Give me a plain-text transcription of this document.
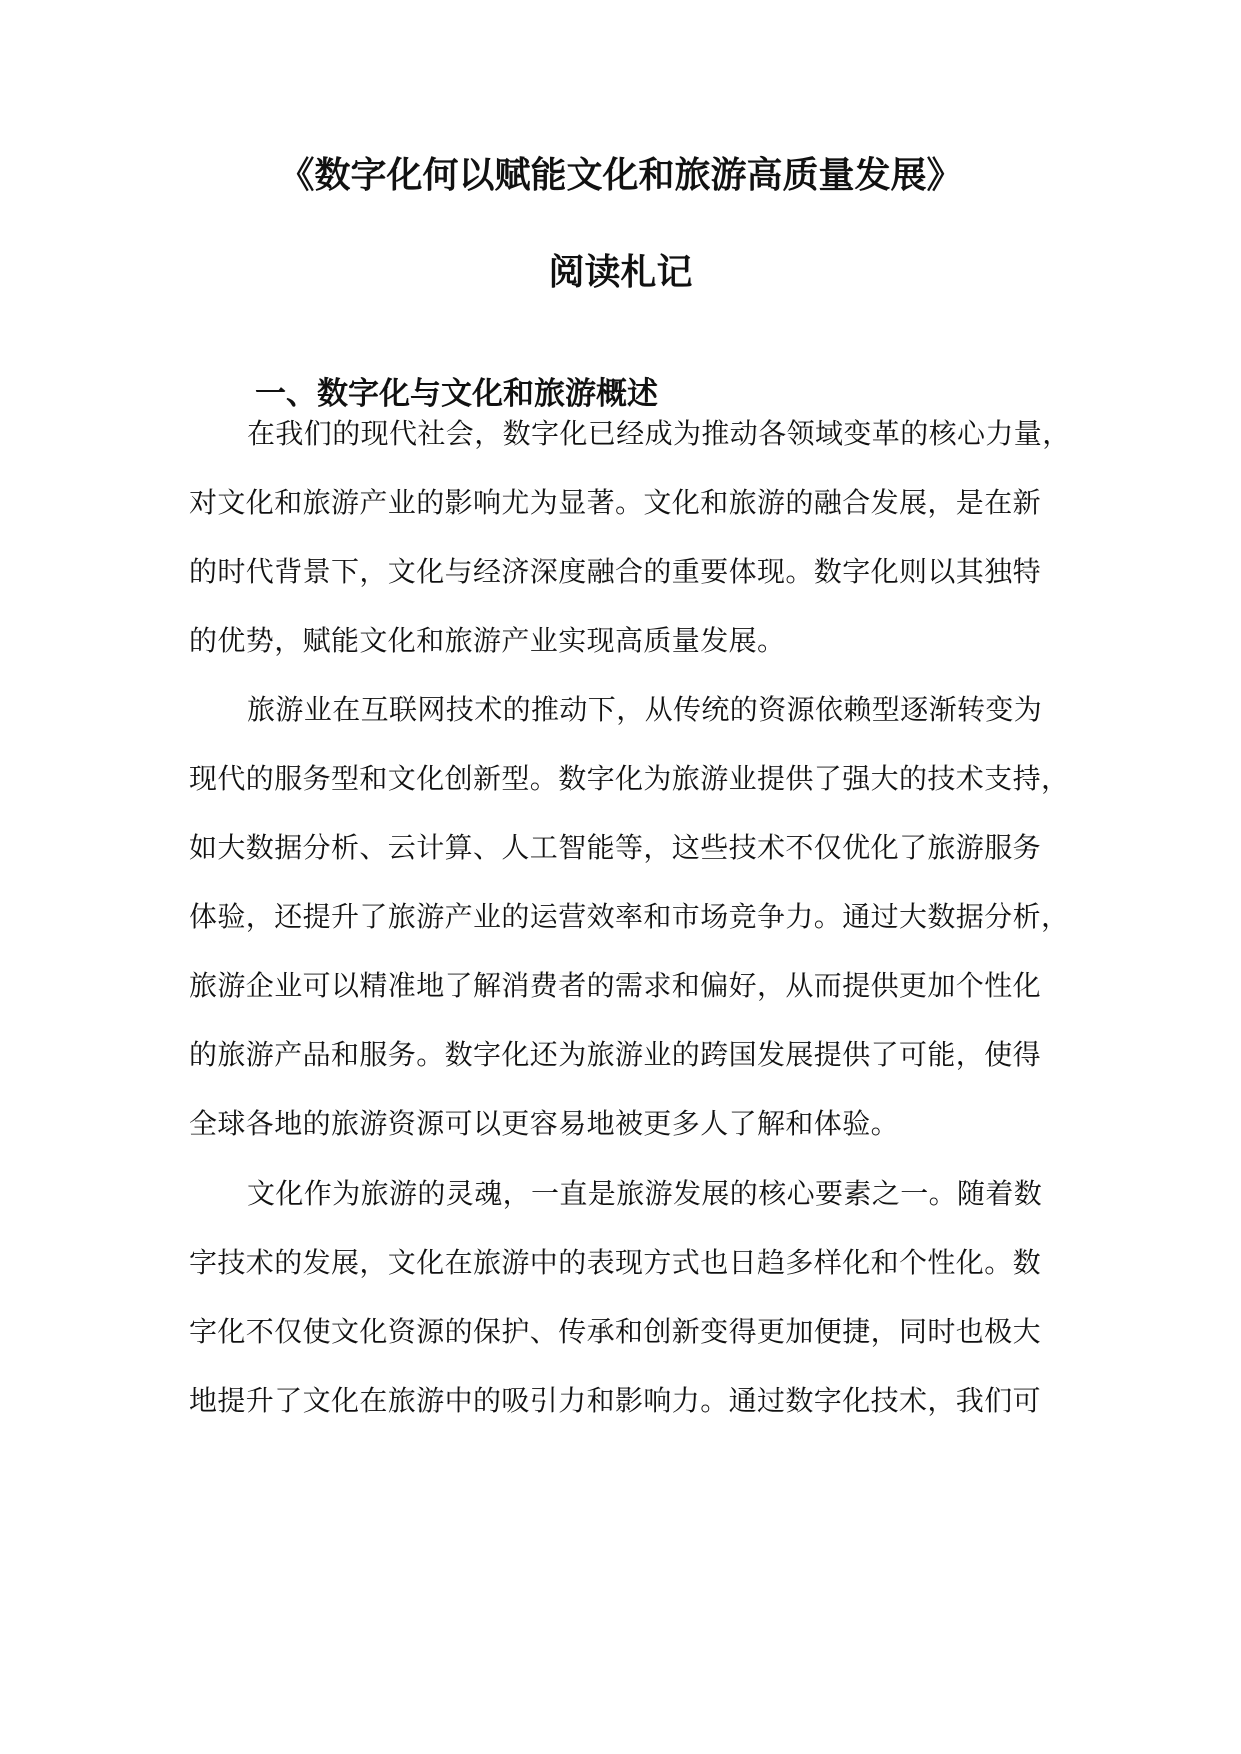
《数字化何以赋能文化和旅游高质量发展》
阅读札记
一、数字化与文化和旅游概述
在我们的现代社会，数字化已经成为推动各领域变革的核心力量，
对文化和旅游产业的影响尤为显著。文化和旅游的融合发展，是在新
的时代背景下，文化与经济深度融合的重要体现。数字化则以其独特
的优势，赋能文化和旅游产业实现高质量发展。
旅游业在互联网技术的推动下，从传统的资源依赖型逐渐转变为
现代的服务型和文化创新型。数字化为旅游业提供了强大的技术支持，
如大数据分析、云计算、人工智能等，这些技术不仅优化了旅游服务
体验，还提升了旅游产业的运营效率和市场竞争力。通过大数据分析，
旅游企业可以精准地了解消费者的需求和偏好，从而提供更加个性化
的旅游产品和服务。数字化还为旅游业的跨国发展提供了可能，使得
全球各地的旅游资源可以更容易地被更多人了解和体验。
文化作为旅游的灵魂，一直是旅游发展的核心要素之一。随着数
字技术的发展，文化在旅游中的表现方式也日趋多样化和个性化。数
字化不仅使文化资源的保护、传承和创新变得更加便捷，同时也极大
地提升了文化在旅游中的吸引力和影响力。通过数字化技术，我们可
